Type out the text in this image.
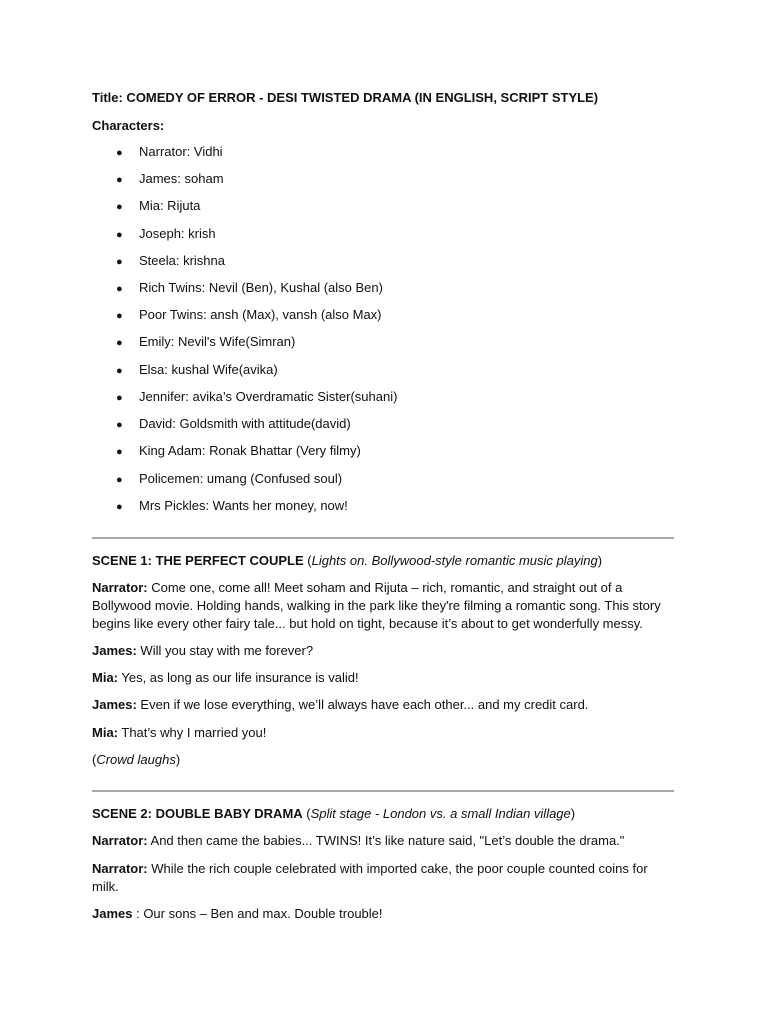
Title: COMEDY OF ERROR - DESI TWISTED DRAMA (IN ENGLISH, SCRIPT STYLE)
Characters:
● Narrator: Vidhi
● James: soham
● Mia: Rijuta
● Joseph: krish
● Steela: krishna
● Rich Twins: Nevil (Ben), Kushal (also Ben)
● Poor Twins: ansh (Max), vansh (also Max)
● Emily: Nevil's Wife(Simran)
● Elsa: kushal Wife(avika)
● Jennifer: avika’s Overdramatic Sister(suhani)
● David: Goldsmith with attitude(david)
● King Adam: Ronak Bhattar (Very filmy)
● Policemen: umang (Confused soul)
● Mrs Pickles: Wants her money, now!
SCENE 1: THE PERFECT COUPLE (Lights on. Bollywood-style romantic music playing)
Narrator: Come one, come all! Meet soham and Rijuta – rich, romantic, and straight out of a Bollywood movie. Holding hands, walking in the park like they're filming a romantic song. This story begins like every other fairy tale... but hold on tight, because it’s about to get wonderfully messy.
James: Will you stay with me forever?
Mia: Yes, as long as our life insurance is valid!
James: Even if we lose everything, we’ll always have each other... and my credit card.
Mia: That’s why I married you!
(Crowd laughs)
SCENE 2: DOUBLE BABY DRAMA (Split stage - London vs. a small Indian village)
Narrator: And then came the babies... TWINS! It’s like nature said, "Let’s double the drama."
Narrator: While the rich couple celebrated with imported cake, the poor couple counted coins for milk.
James : Our sons – Ben and max. Double trouble!
